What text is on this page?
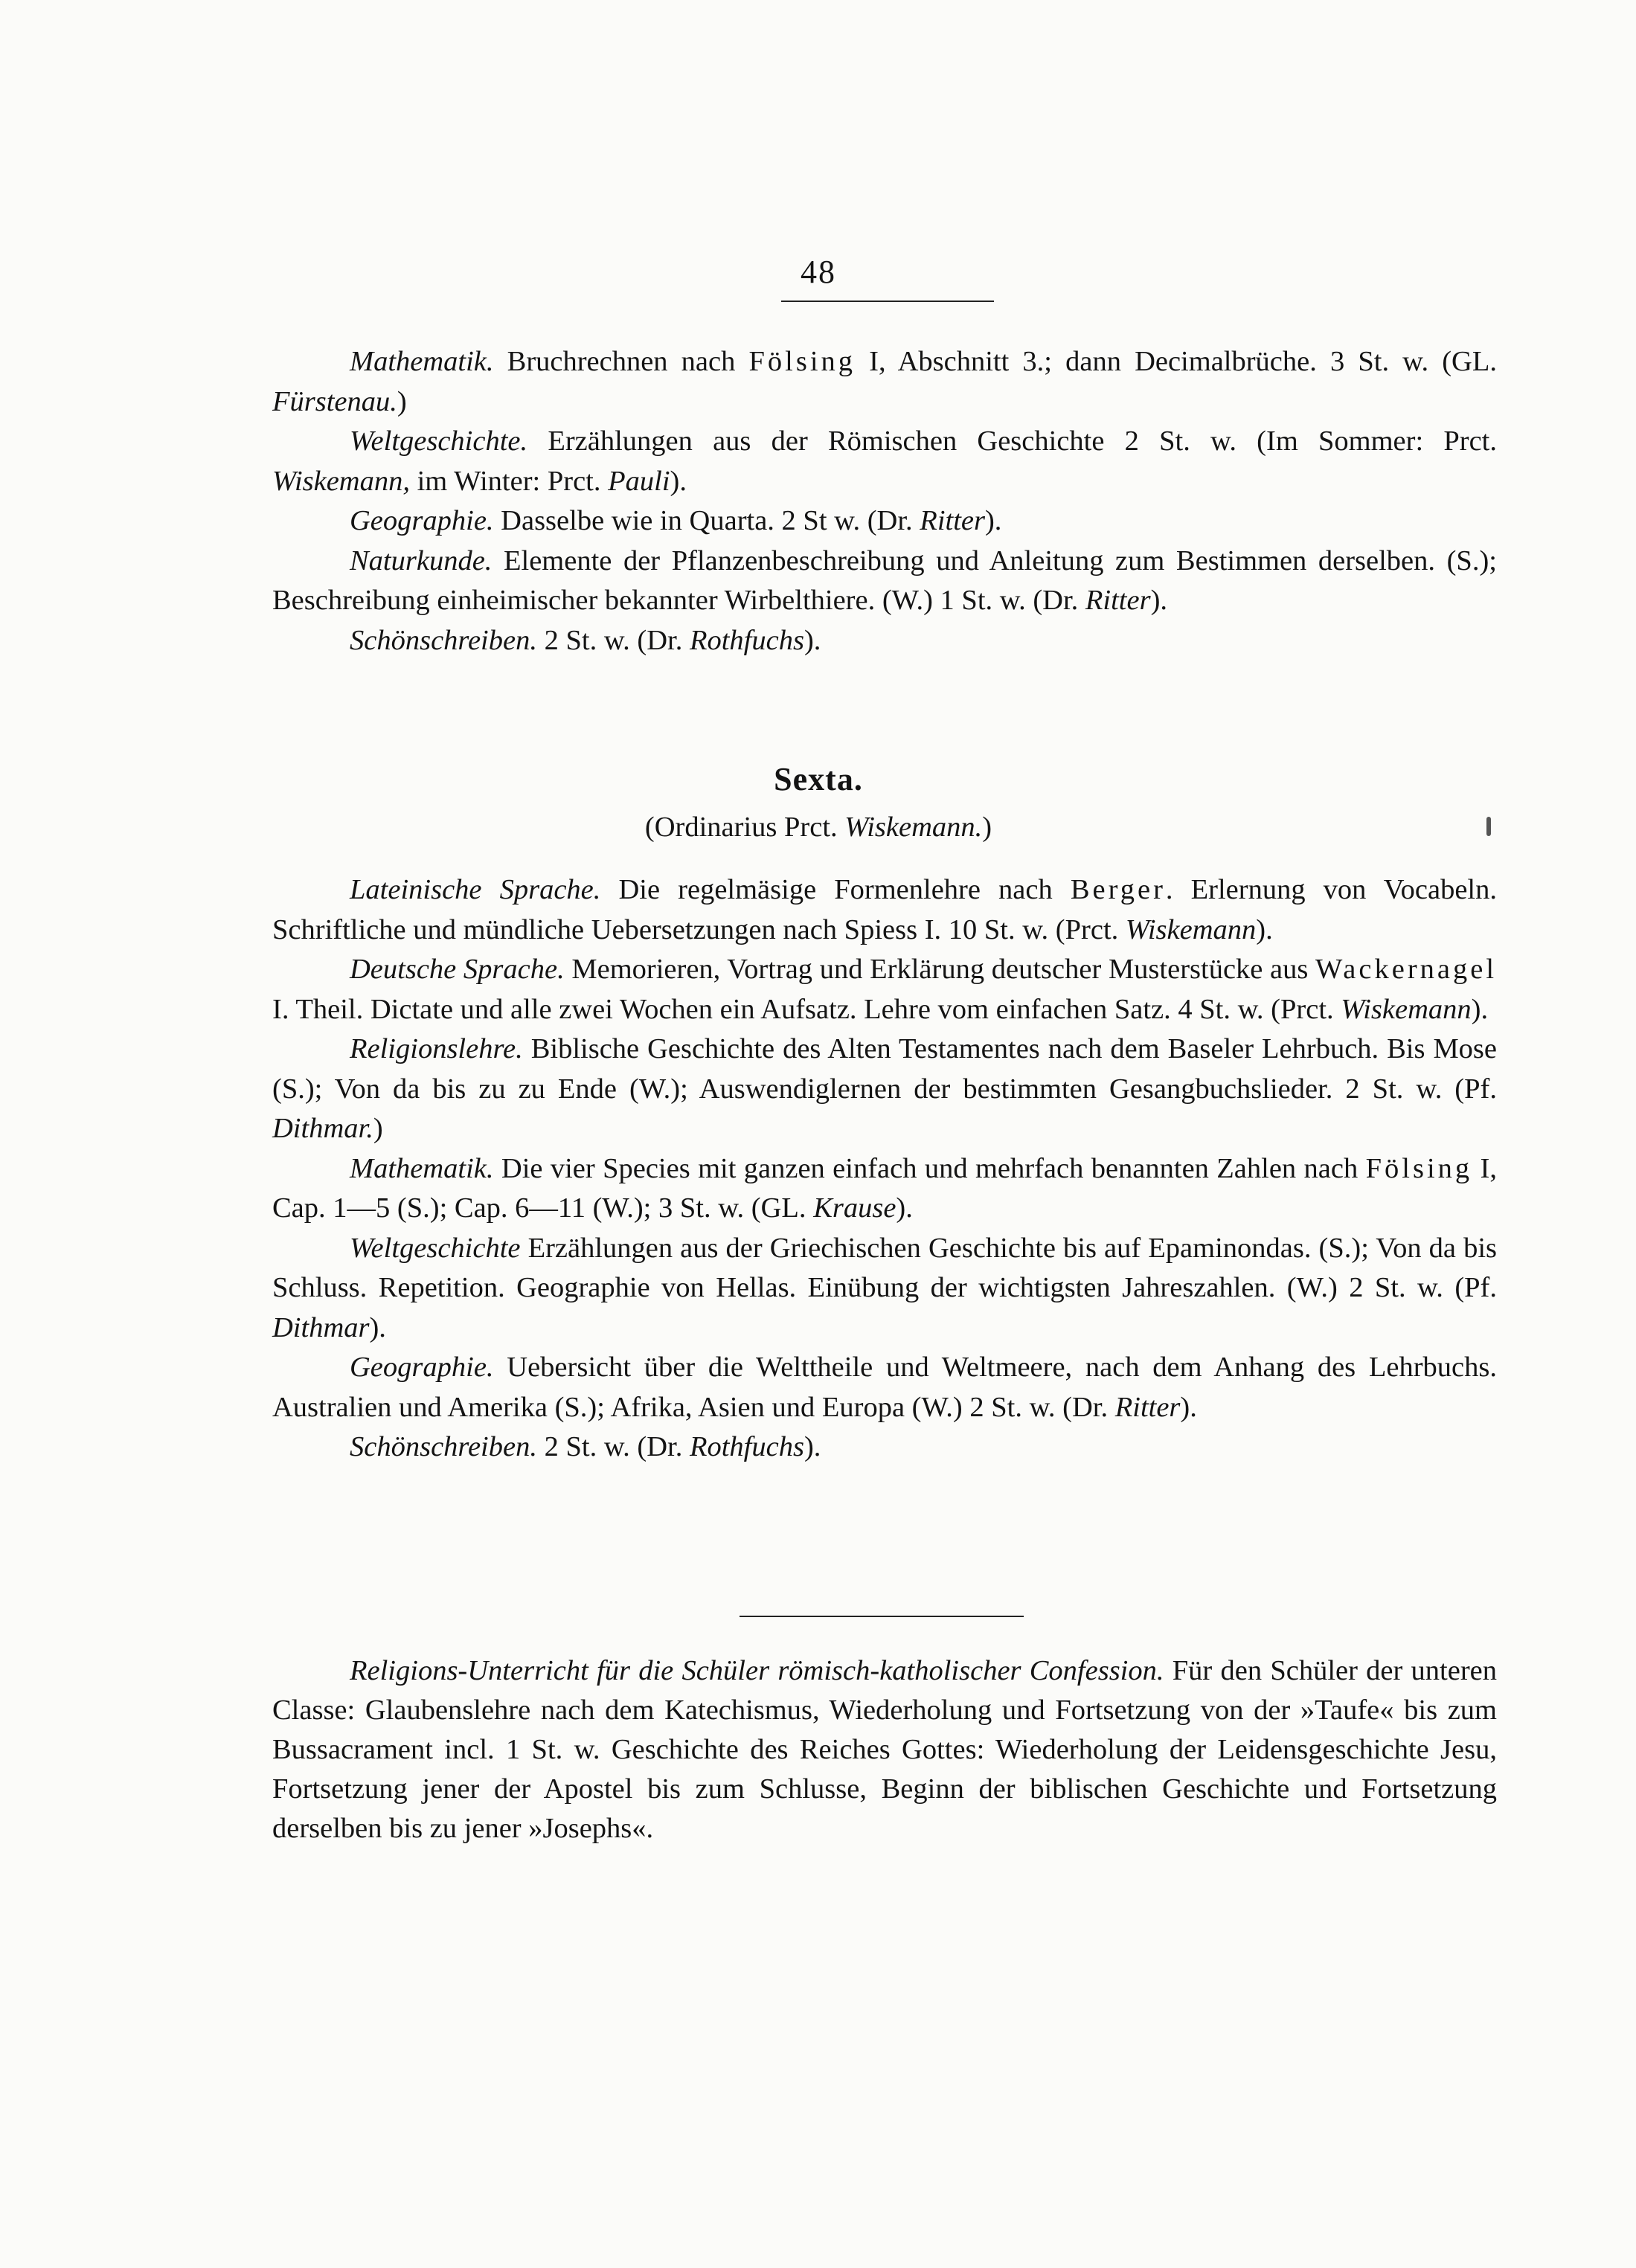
48

Mathematik. Bruchrechnen nach Fölsing I, Abschnitt 3.; dann Decimalbrüche. 3 St. w. (GL. Fürstenau.)

Weltgeschichte. Erzählungen aus der Römischen Geschichte 2 St. w. (Im Sommer: Prct. Wiskemann, im Winter: Prct. Pauli).

Geographie. Dasselbe wie in Quarta. 2 St w. (Dr. Ritter).

Naturkunde. Elemente der Pflanzenbeschreibung und Anleitung zum Bestimmen derselben. (S.); Beschreibung einheimischer bekannter Wirbelthiere. (W.) 1 St. w. (Dr. Ritter).

Schönschreiben. 2 St. w. (Dr. Rothfuchs).

Sexta.
(Ordinarius Prct. Wiskemann.)

Lateinische Sprache. Die regelmäsige Formenlehre nach Berger. Erlernung von Vocabeln. Schriftliche und mündliche Uebersetzungen nach Spiess I. 10 St. w. (Prct. Wiskemann).

Deutsche Sprache. Memorieren, Vortrag und Erklärung deutscher Musterstücke aus Wackernagel I. Theil. Dictate und alle zwei Wochen ein Aufsatz. Lehre vom einfachen Satz. 4 St. w. (Prct. Wiskemann).

Religionslehre. Biblische Geschichte des Alten Testamentes nach dem Baseler Lehrbuch. Bis Mose (S.); Von da bis zu zu Ende (W.); Auswendiglernen der bestimmten Gesangbuchslieder. 2 St. w. (Pf. Dithmar.)

Mathematik. Die vier Species mit ganzen einfach und mehrfach benannten Zahlen nach Fölsing I, Cap. 1—5 (S.); Cap. 6—11 (W.); 3 St. w. (GL. Krause).

Weltgeschichte Erzählungen aus der Griechischen Geschichte bis auf Epaminondas. (S.); Von da bis Schluss. Repetition. Geographie von Hellas. Einübung der wichtigsten Jahreszahlen. (W.) 2 St. w. (Pf. Dithmar).

Geographie. Uebersicht über die Welttheile und Weltmeere, nach dem Anhang des Lehrbuchs. Australien und Amerika (S.); Afrika, Asien und Europa (W.) 2 St. w. (Dr. Ritter).

Schönschreiben. 2 St. w. (Dr. Rothfuchs).

Religions-Unterricht für die Schüler römisch-katholischer Confession. Für den Schüler der unteren Classe: Glaubenslehre nach dem Katechismus, Wiederholung und Fortsetzung von der »Taufe« bis zum Bussacrament incl. 1 St. w. Geschichte des Reiches Gottes: Wiederholung der Leidensgeschichte Jesu, Fortsetzung jener der Apostel bis zum Schlusse, Beginn der biblischen Geschichte und Fortsetzung derselben bis zu jener »Josephs«.
